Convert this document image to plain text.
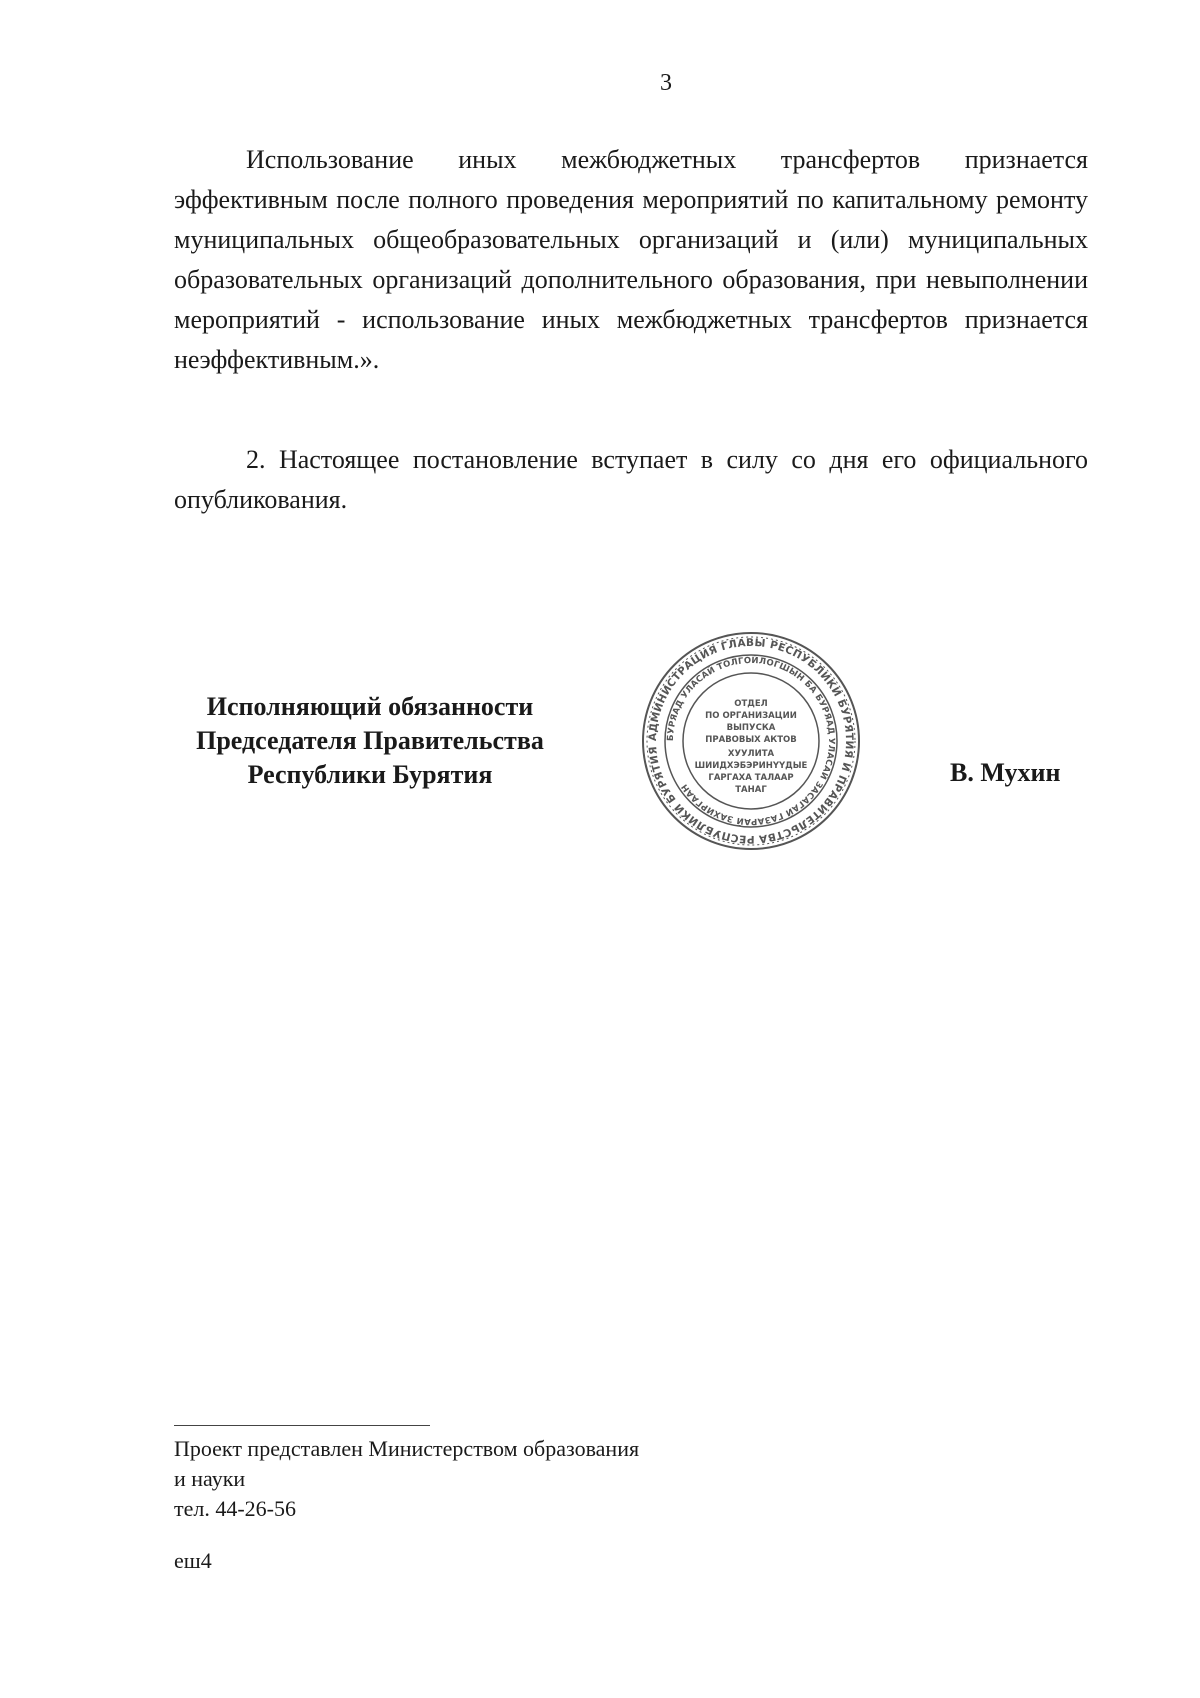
3

Использование иных межбюджетных трансфертов признается эффективным после полного проведения мероприятий по капитальному ремонту муниципальных общеобразовательных организаций и (или) муниципальных образовательных организаций дополнительного образования, при невыполнении мероприятий - использование иных межбюджетных трансфертов признается неэффективным.».

2. Настоящее постановление вступает в силу со дня его официального опубликования.

Исполняющий обязанности
Председателя Правительства
Республики Бурятия
АДМИНИСТРАЦИЯ ГЛАВЫ РЕСПУБЛИКИ БУРЯТИЯ И ПРАВИТЕЛЬСТВА РЕСПУБЛИКИ БУРЯТИЯ
БУРЯАД УЛАСАЙ ТОЛГОЙЛОГШЫН БА БУРЯАД УЛАСАЙ ЗАСАГАЙ ГАЗАРАЙ ЗАХИРГААН
ОТДЕЛ
ПО ОРГАНИЗАЦИИ
ВЫПУСКА
ПРАВОВЫХ АКТОВ
ХУУЛИТА
ШИИДХЭБЭРИНҮҮДЫЕ
ГАРГАХА ТАЛААР
ТАНАГ
В. Мухин
Проект представлен Министерством образования
и науки
тел. 44-26-56
еш4
